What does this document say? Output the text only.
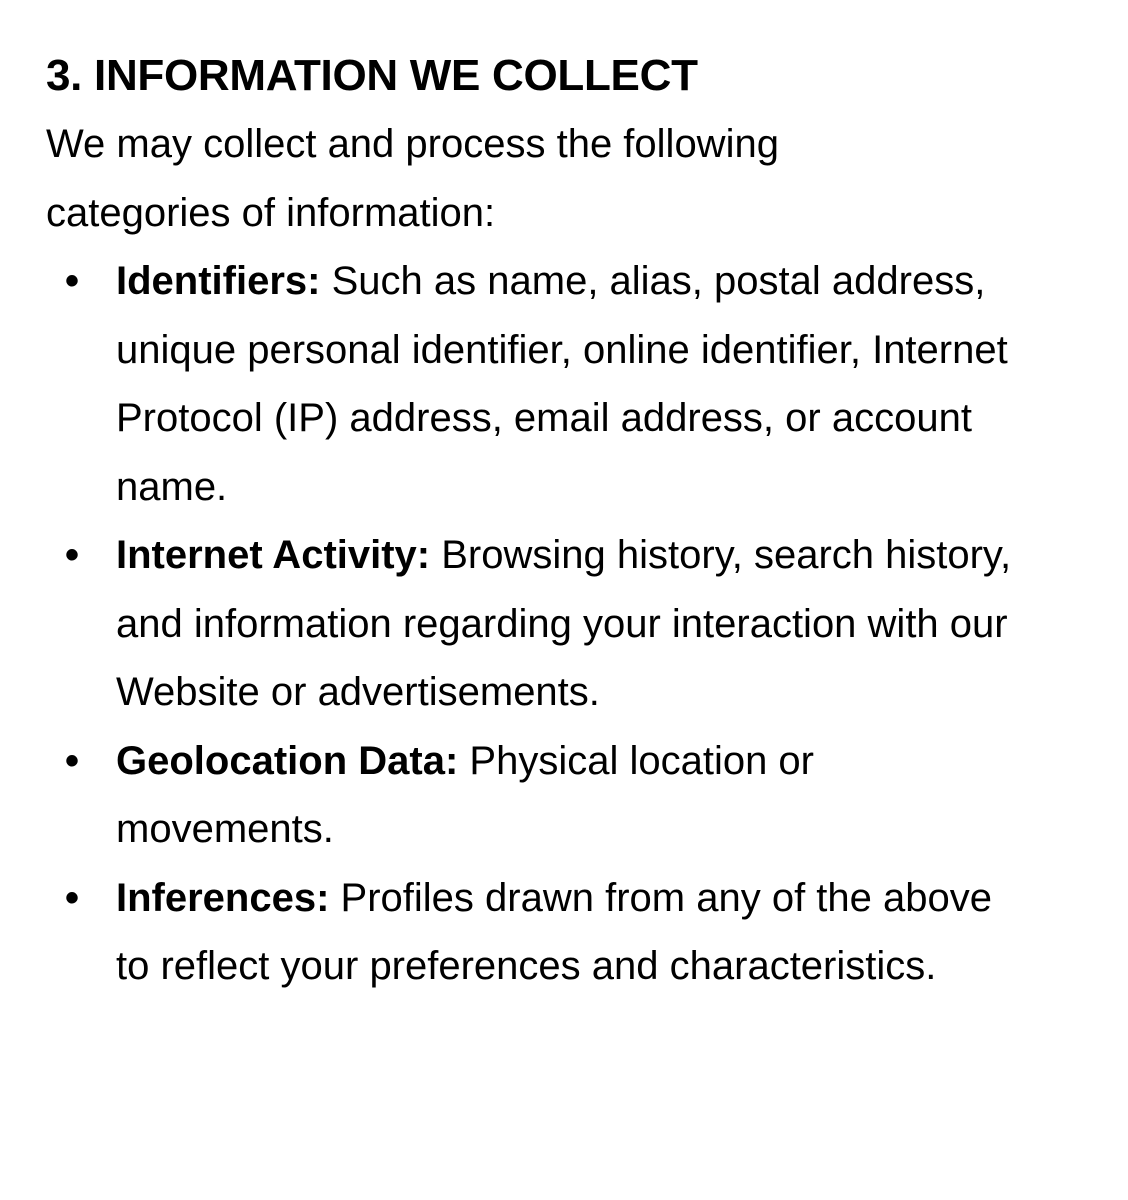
3. INFORMATION WE COLLECT

We may collect and process the following categories of information:

• Identifiers: Such as name, alias, postal address, unique personal identifier, online identifier, Internet Protocol (IP) address, email address, or account name.
• Internet Activity: Browsing history, search history, and information regarding your interaction with our Website or advertisements.
• Geolocation Data: Physical location or movements.
• Inferences: Profiles drawn from any of the above to reflect your preferences and characteristics.
